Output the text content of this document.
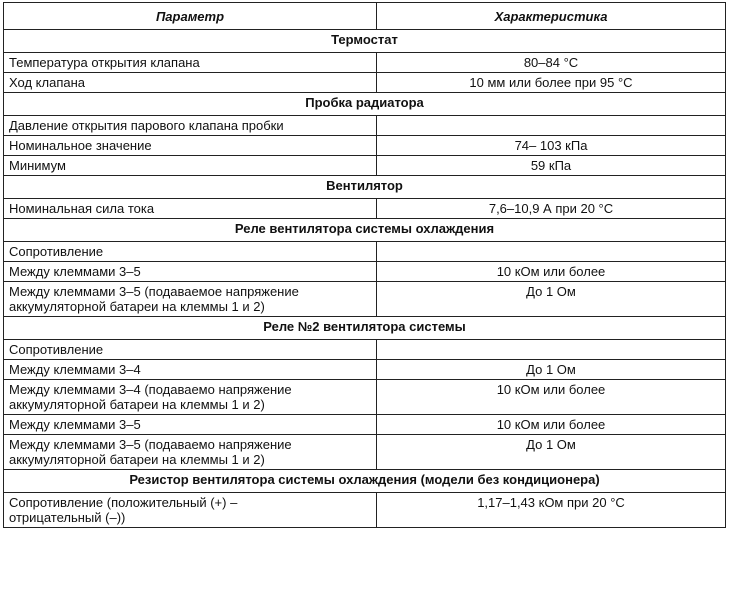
Параметр	Характеристика
Термостат	
Температура открытия клапана	80–84 °С
Ход клапана	10 мм или более при 95 °С
Пробка радиатора	
Давление открытия парового клапана пробки	
Номинальное значение	74– 103 кПа
Минимум	59 кПа
Вентилятор	
Номинальная сила тока	7,6–10,9 А при 20 °С
Реле вентилятора системы охлаждения	
Сопротивление	
Между клеммами 3–5	10 кОм или более
Между клеммами 3–5 (подаваемое напряжение аккумуляторной батареи на клеммы 1 и 2)	До 1 Ом
Реле №2 вентилятора системы	
Сопротивление	
Между клеммами 3–4	До 1 Ом
Между клеммами 3–4 (подаваемо напряжение аккумуляторной батареи на клеммы 1 и 2)	10 кОм или более
Между клеммами 3–5	10 кОм или более
Между клеммами 3–5 (подаваемо напряжение аккумуляторной батареи на клеммы 1 и 2)	До 1 Ом
Резистор вентилятора системы охлаждения (модели без кондиционера)	
Сопротивление (положительный (+) – отрицательный (–))	1,17–1,43 кОм при 20 °С
